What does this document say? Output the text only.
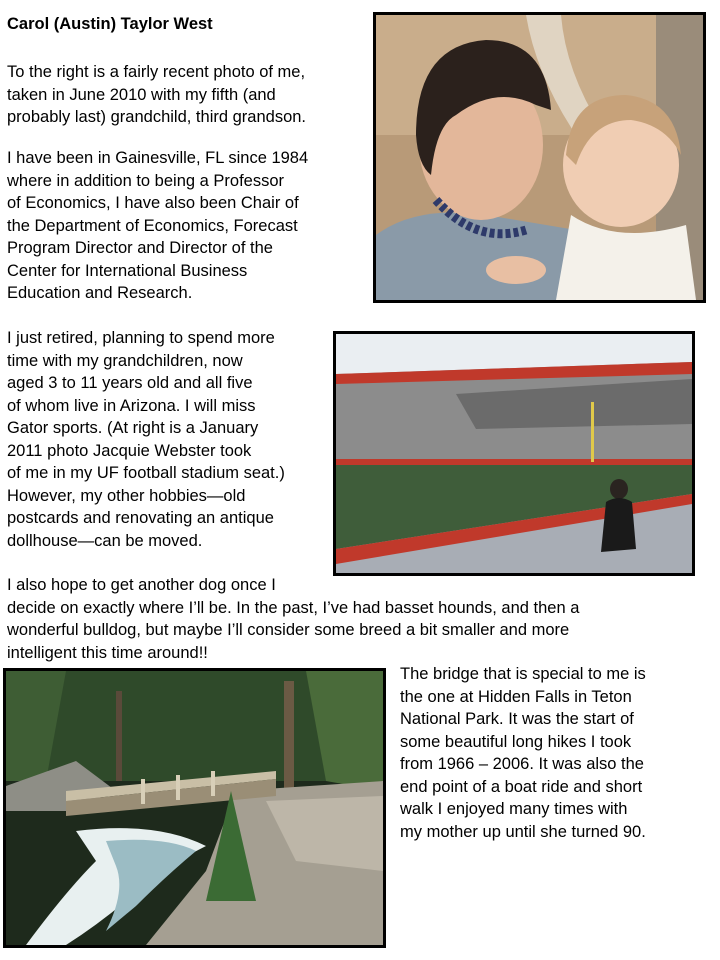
Carol (Austin) Taylor West
To the right is a fairly recent photo of me,
taken in June 2010 with my fifth (and
probably last) grandchild, third grandson.
I have been in Gainesville, FL since 1984
where in addition to being a Professor
of Economics, I have also been Chair of
the Department of Economics, Forecast
Program Director and Director of the
Center for International Business
Education and Research.
I just retired, planning to spend more
time with my grandchildren, now
aged 3 to 11 years old and all five
of whom live in Arizona. I will miss
Gator sports. (At right is a January
2011 photo Jacquie Webster took
of me in my UF football stadium seat.)
However, my other hobbies—old
postcards and renovating an antique
dollhouse—can be moved.
I also hope to get another dog once I
decide on exactly where I’ll be. In the past, I’ve had basset hounds, and then a
wonderful bulldog, but maybe I’ll consider some breed a bit smaller and more
intelligent this time around!!
The bridge that is special to me is
the one at Hidden Falls in Teton
National Park. It was the start of
some beautiful long hikes I took
from 1966 – 2006. It was also the
end point of a boat ride and short
walk I enjoyed many times with
my mother up until she turned 90.
